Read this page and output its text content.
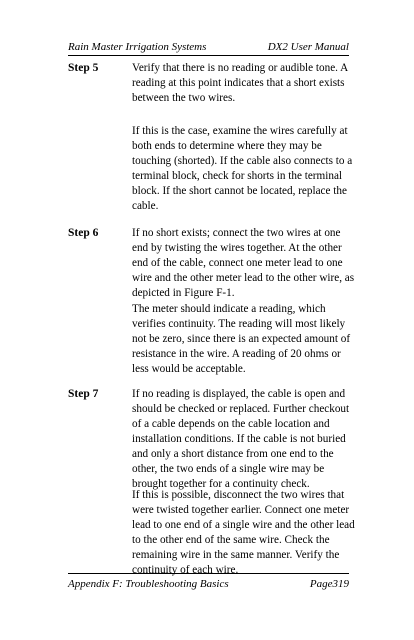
Rain Master Irrigation Systems	DX2 User Manual
Step 5	Verify that there is no reading or audible tone. A reading at this point indicates that a short exists between the two wires.

If this is the case, examine the wires carefully at both ends to determine where they may be touching (shorted). If the cable also connects to a terminal block, check for shorts in the terminal block. If the short cannot be located, replace the cable.

Step 6	If no short exists; connect the two wires at one end by twisting the wires together. At the other end of the cable, connect one meter lead to one wire and the other meter lead to the other wire, as depicted in Figure F-1.

The meter should indicate a reading, which verifies continuity. The reading will most likely not be zero, since there is an expected amount of resistance in the wire. A reading of 20 ohms or less would be acceptable.

Step 7	If no reading is displayed, the cable is open and should be checked or replaced. Further checkout of a cable depends on the cable location and installation conditions. If the cable is not buried and only a short distance from one end to the other, the two ends of a single wire may be brought together for a continuity check.

If this is possible, disconnect the two wires that were twisted together earlier. Connect one meter lead to one end of a single wire and the other lead to the other end of the same wire. Check the remaining wire in the same manner. Verify the continuity of each wire.

Appendix F: Troubleshooting Basics	Page319
